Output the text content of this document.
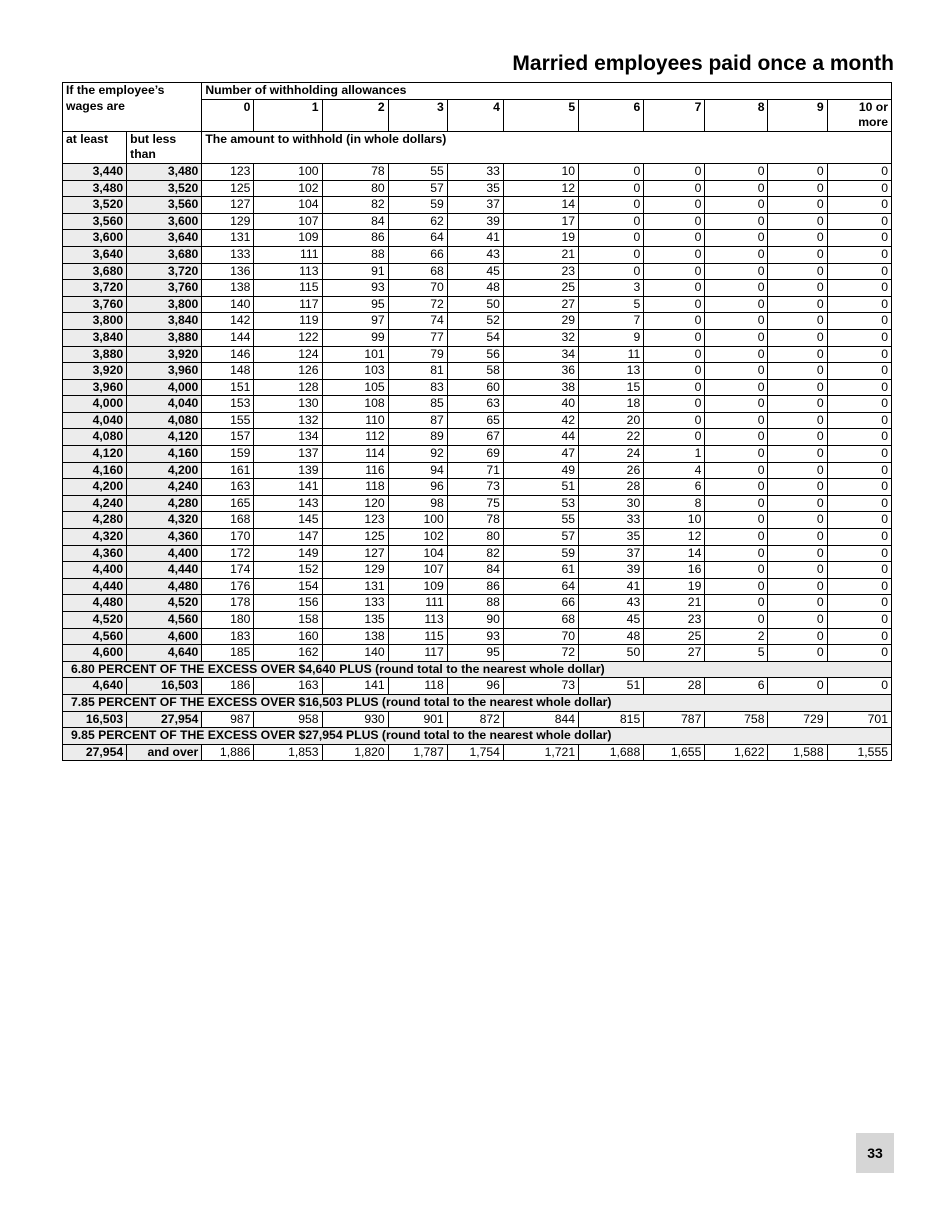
Married employees paid once a month
If the employee’s wages are		Number of withholding allowances										
		0	1	2	3	4	5	6	7	8	9	10 or more
at least	but less than	The amount to withhold (in whole dollars)										
3,440	3,480	123	100	78	55	33	10	0	0	0	0	0
3,480	3,520	125	102	80	57	35	12	0	0	0	0	0
3,520	3,560	127	104	82	59	37	14	0	0	0	0	0
3,560	3,600	129	107	84	62	39	17	0	0	0	0	0
3,600	3,640	131	109	86	64	41	19	0	0	0	0	0
3,640	3,680	133	111	88	66	43	21	0	0	0	0	0
3,680	3,720	136	113	91	68	45	23	0	0	0	0	0
3,720	3,760	138	115	93	70	48	25	3	0	0	0	0
3,760	3,800	140	117	95	72	50	27	5	0	0	0	0
3,800	3,840	142	119	97	74	52	29	7	0	0	0	0
3,840	3,880	144	122	99	77	54	32	9	0	0	0	0
3,880	3,920	146	124	101	79	56	34	11	0	0	0	0
3,920	3,960	148	126	103	81	58	36	13	0	0	0	0
3,960	4,000	151	128	105	83	60	38	15	0	0	0	0
4,000	4,040	153	130	108	85	63	40	18	0	0	0	0
4,040	4,080	155	132	110	87	65	42	20	0	0	0	0
4,080	4,120	157	134	112	89	67	44	22	0	0	0	0
4,120	4,160	159	137	114	92	69	47	24	1	0	0	0
4,160	4,200	161	139	116	94	71	49	26	4	0	0	0
4,200	4,240	163	141	118	96	73	51	28	6	0	0	0
4,240	4,280	165	143	120	98	75	53	30	8	0	0	0
4,280	4,320	168	145	123	100	78	55	33	10	0	0	0
4,320	4,360	170	147	125	102	80	57	35	12	0	0	0
4,360	4,400	172	149	127	104	82	59	37	14	0	0	0
4,400	4,440	174	152	129	107	84	61	39	16	0	0	0
4,440	4,480	176	154	131	109	86	64	41	19	0	0	0
4,480	4,520	178	156	133	111	88	66	43	21	0	0	0
4,520	4,560	180	158	135	113	90	68	45	23	0	0	0
4,560	4,600	183	160	138	115	93	70	48	25	2	0	0
4,600	4,640	185	162	140	117	95	72	50	27	5	0	0
6.80 PERCENT OF THE EXCESS OVER $4,640 PLUS (round total to the nearest whole dollar)												
4,640	16,503	186	163	141	118	96	73	51	28	6	0	0
7.85 PERCENT OF THE EXCESS OVER $16,503 PLUS (round total to the nearest whole dollar)												
16,503	27,954	987	958	930	901	872	844	815	787	758	729	701
9.85 PERCENT OF THE EXCESS OVER $27,954 PLUS (round total to the nearest whole dollar)												
27,954	and over	1,886	1,853	1,820	1,787	1,754	1,721	1,688	1,655	1,622	1,588	1,555
33
